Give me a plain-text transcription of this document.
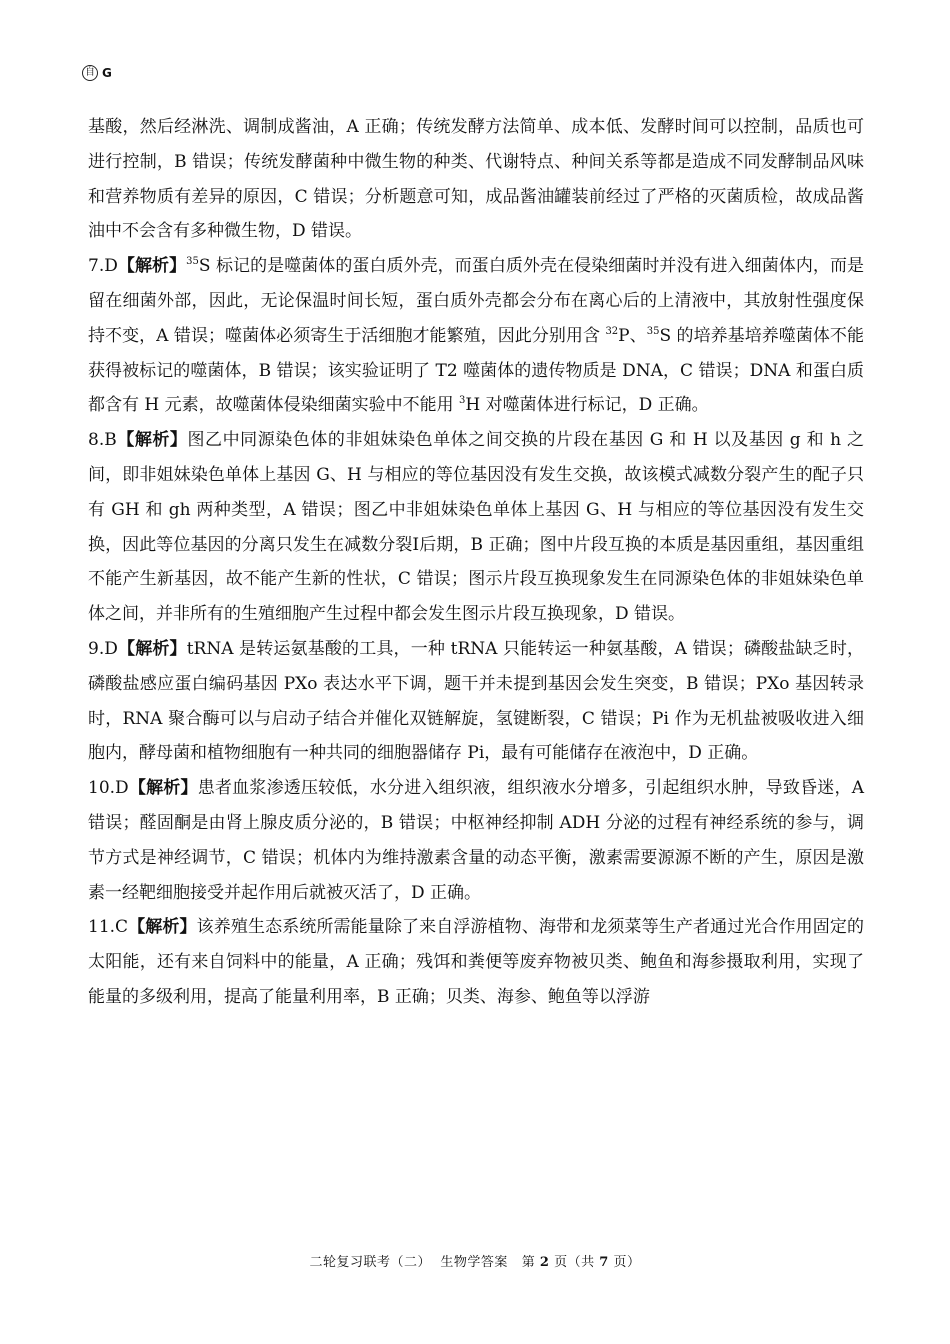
自 G

基酸，然后经淋洗、调制成酱油，A 正确；传统发酵方法简单、成本低、发酵时间可以控制，品质也可进行控制，B 错误；传统发酵菌种中微生物的种类、代谢特点、种间关系等都是造成不同发酵制品风味和营养物质有差异的原因，C 错误；分析题意可知，成品酱油罐装前经过了严格的灭菌质检，故成品酱油中不会含有多种微生物，D 错误。

7.D【解析】$^{35}$S 标记的是噬菌体的蛋白质外壳，而蛋白质外壳在侵染细菌时并没有进入细菌体内，而是留在细菌外部，因此，无论保温时间长短，蛋白质外壳都会分布在离心后的上清液中，其放射性强度保持不变，A 错误；噬菌体必须寄生于活细胞才能繁殖，因此分别用含 $^{32}$P、$^{35}$S 的培养基培养噬菌体不能获得被标记的噬菌体，B 错误；该实验证明了 T2 噬菌体的遗传物质是 DNA，C 错误；DNA 和蛋白质都含有 H 元素，故噬菌体侵染细菌实验中不能用 $^3$H 对噬菌体进行标记，D 正确。

8.B【解析】图乙中同源染色体的非姐妹染色单体之间交换的片段在基因 G 和 H 以及基因 g 和 h 之间，即非姐妹染色单体上基因 G、H 与相应的等位基因没有发生交换，故该模式减数分裂产生的配子只有 GH 和 gh 两种类型，A 错误；图乙中非姐妹染色单体上基因 G、H 与相应的等位基因没有发生交换，因此等位基因的分离只发生在减数分裂Ⅰ后期，B 正确；图中片段互换的本质是基因重组，基因重组不能产生新基因，故不能产生新的性状，C 错误；图示片段互换现象发生在同源染色体的非姐妹染色单体之间，并非所有的生殖细胞产生过程中都会发生图示片段互换现象，D 错误。

9.D【解析】tRNA 是转运氨基酸的工具，一种 tRNA 只能转运一种氨基酸，A 错误；磷酸盐缺乏时，磷酸盐感应蛋白编码基因 PXo 表达水平下调，题干并未提到基因会发生突变，B 错误；PXo 基因转录时，RNA 聚合酶可以与启动子结合并催化双链解旋，氢键断裂，C 错误；Pi 作为无机盐被吸收进入细胞内，酵母菌和植物细胞有一种共同的细胞器储存 Pi，最有可能储存在液泡中，D 正确。

10.D【解析】患者血浆渗透压较低，水分进入组织液，组织液水分增多，引起组织水肿，导致昏迷，A 错误；醛固酮是由肾上腺皮质分泌的，B 错误；中枢神经抑制 ADH 分泌的过程有神经系统的参与，调节方式是神经调节，C 错误；机体内为维持激素含量的动态平衡，激素需要源源不断的产生，原因是激素一经靶细胞接受并起作用后就被灭活了，D 正确。

11.C【解析】该养殖生态系统所需能量除了来自浮游植物、海带和龙须菜等生产者通过光合作用固定的太阳能，还有来自饲料中的能量，A 正确；残饵和粪便等废弃物被贝类、鲍鱼和海参摄取利用，实现了能量的多级利用，提高了能量利用率，B 正确；贝类、海参、鲍鱼等以浮游

二轮复习联考（二） 生物学答案 第 2 页（共 7 页）
